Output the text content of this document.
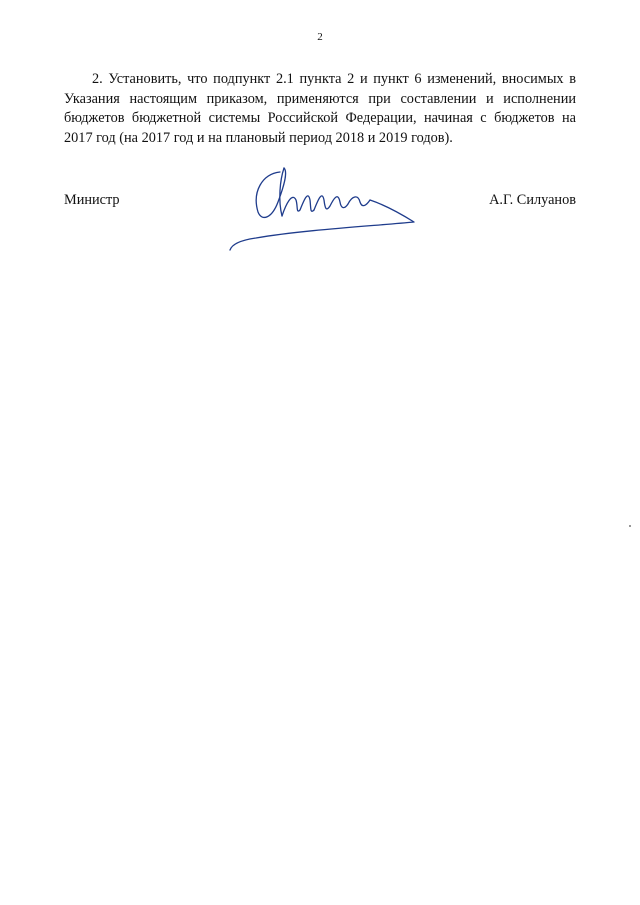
2

2. Установить, что подпункт 2.1 пункта 2 и пункт 6 изменений, вносимых в Указания настоящим приказом, применяются при составлении и исполнении бюджетов бюджетной системы Российской Федерации, начиная с бюджетов на 2017 год (на 2017 год и на плановый период 2018 и 2019 годов).

Министр	А.Г. Силуанов
